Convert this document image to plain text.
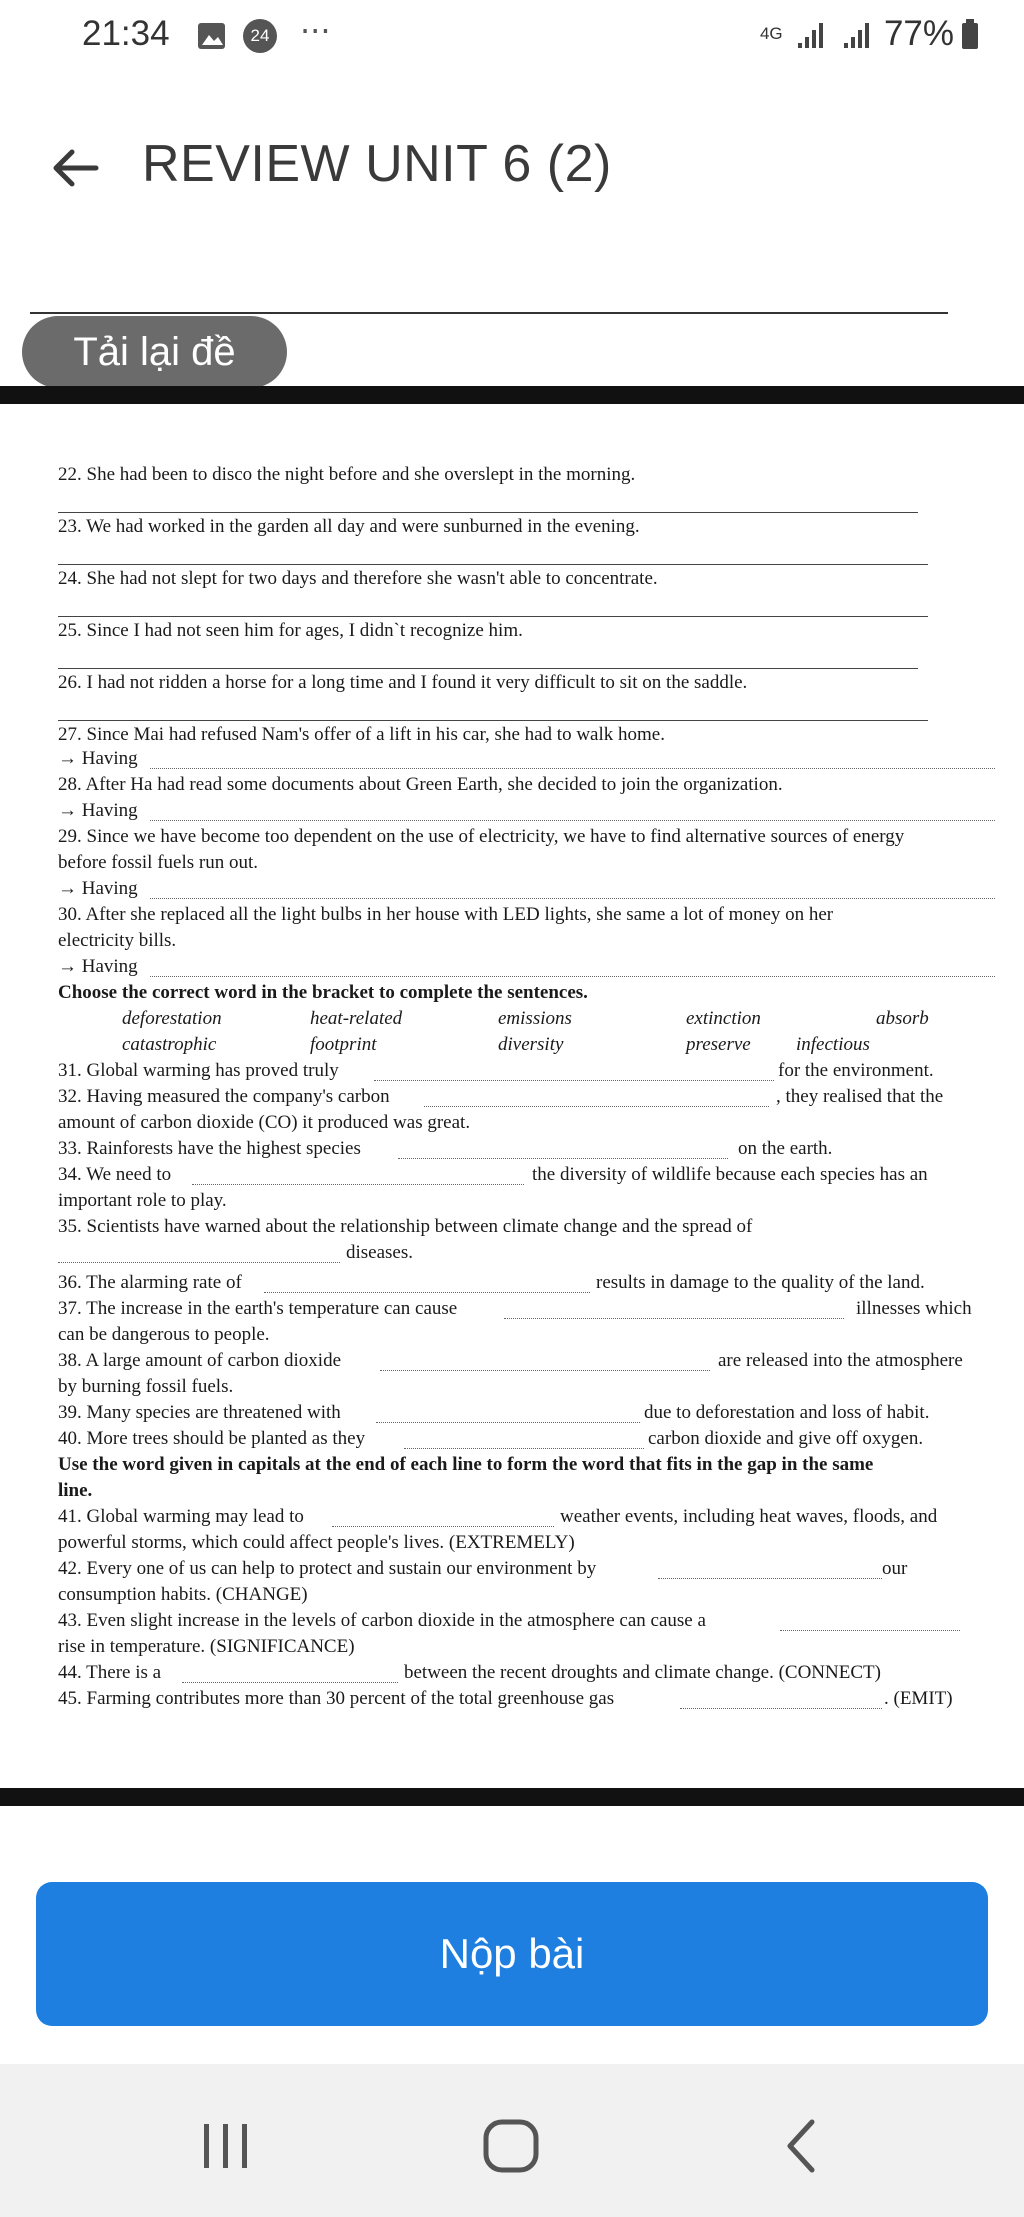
21:34	24 ···	4G	77%
REVIEW UNIT 6 (2)
Tải lại đề
22. She had been to disco the night before and she overslept in the morning.
23. We had worked in the garden all day and were sunburned in the evening.
24. She had not slept for two days and therefore she wasn't able to concentrate.
25. Since I had not seen him for ages, I didn`t recognize him.
26. I had not ridden a horse for a long time and I found it very difficult to sit on the saddle.
27. Since Mai had refused Nam's offer of a lift in his car, she had to walk home.
→ Having
28. After Ha had read some documents about Green Earth, she decided to join the organization.
→ Having
29. Since we have become too dependent on the use of electricity, we have to find alternative sources of energy
before fossil fuels run out.
→ Having
30. After she replaced all the light bulbs in her house with LED lights, she same a lot of money on her
electricity bills.
→ Having
Choose the correct word in the bracket to complete the sentences.
deforestation	heat-related	emissions	extinction	absorb
catastrophic	footprint	diversity	preserve infectious
31. Global warming has proved truly	for the environment.
32. Having measured the company's carbon	, they realised that the
amount of carbon dioxide (CO) it produced was great.
33. Rainforests have the highest species	on the earth.
34. We need to	the diversity of wildlife because each species has an
important role to play.
35. Scientists have warned about the relationship between climate change and the spread of
diseases.
36. The alarming rate of	results in damage to the quality of the land.
37. The increase in the earth's temperature can cause	illnesses which
can be dangerous to people.
38. A large amount of carbon dioxide	are released into the atmosphere
by burning fossil fuels.
39. Many species are threatened with	due to deforestation and loss of habit.
40. More trees should be planted as they	carbon dioxide and give off oxygen.
Use the word given in capitals at the end of each line to form the word that fits in the gap in the same
line.
41. Global warming may lead to	weather events, including heat waves, floods, and
powerful storms, which could affect people's lives. (EXTREMELY)
42. Every one of us can help to protect and sustain our environment by	our
consumption habits. (CHANGE)
43. Even slight increase in the levels of carbon dioxide in the atmosphere can cause a
rise in temperature. (SIGNIFICANCE)
44. There is a	between the recent droughts and climate change. (CONNECT)
45. Farming contributes more than 30 percent of the total greenhouse gas	. (EMIT)
Nộp bài
